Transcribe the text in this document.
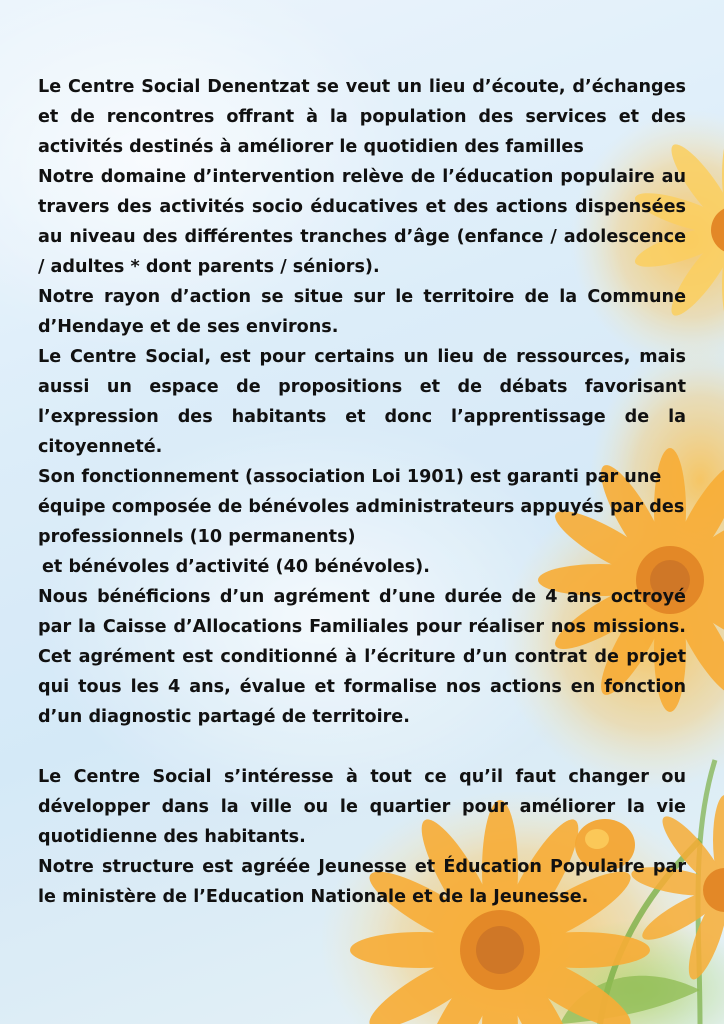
Le Centre Social Denentzat se veut un lieu d’écoute, d’échanges et de rencontres offrant à la population des services et des activités destinés à améliorer le quotidien des familles

Notre domaine d’intervention relève de l’éducation populaire au travers des activités socio éducatives et des actions dispensées au niveau des différentes tranches d’âge (enfance / adolescence / adultes * dont parents / séniors).

Notre rayon d’action se situe sur le territoire de la Commune d’Hendaye et de ses environs.

Le Centre Social, est pour certains un lieu de ressources, mais aussi un espace de propositions et de débats favorisant l’expression des habitants et donc l’apprentissage de la citoyenneté.

Son fonctionnement (association Loi 1901) est garanti par une équipe composée de bénévoles administrateurs appuyés par des professionnels (10 permanents)

et bénévoles d’activité (40 bénévoles).

Nous bénéficions d’un agrément d’une durée de 4 ans octroyé par la Caisse d’Allocations Familiales pour réaliser nos missions. Cet agrément est conditionné à l’écriture d’un contrat de projet qui tous les 4 ans, évalue et formalise nos actions en fonction d’un diagnostic partagé de territoire.

Le Centre Social s’intéresse à tout ce qu’il faut changer ou développer dans la ville ou le quartier pour améliorer la vie quotidienne des habitants.

Notre structure est agréée Jeunesse et Éducation Populaire par le ministère de l’Education Nationale et de la Jeunesse.
